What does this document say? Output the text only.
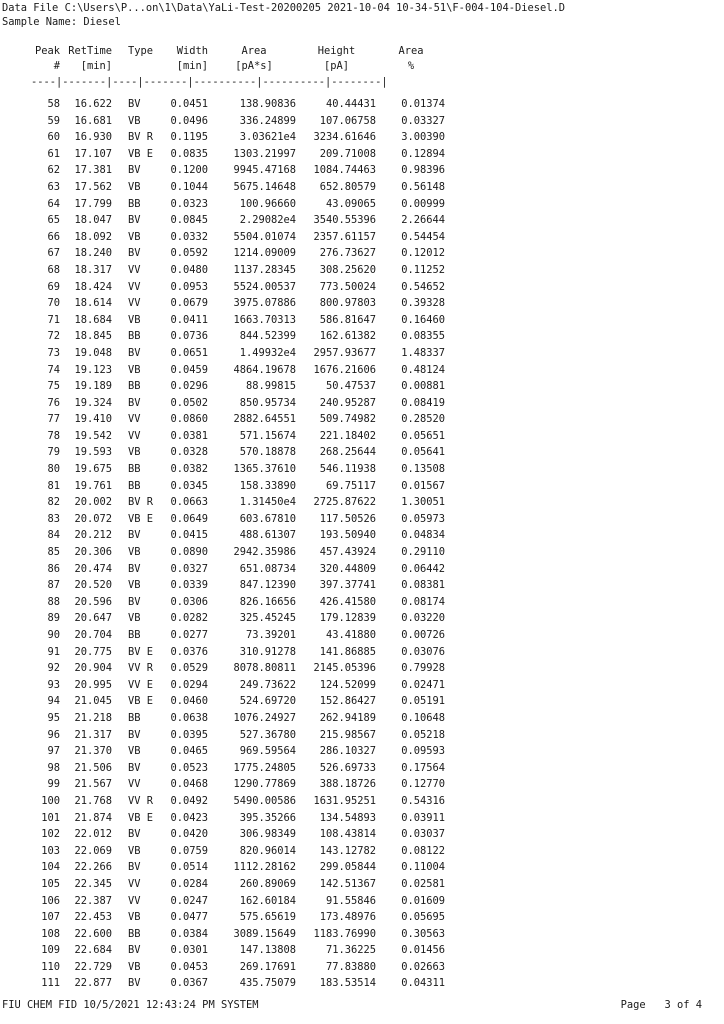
Data File C:\Users\P...on\1\Data\YaLi-Test-20200205 2021-10-04 10-34-51\F-004-104-Diesel.D
Sample Name: Diesel
Peak RetTime Type	Width	Area	Height	Area
#	[min]	[min]	[pA*s]	[pA]	%
----|-------|----|-------|----------|----------|--------|
58	16.622 BV	0.0451	138.90836	40.44431	0.01374
59	16.681 VB	0.0496	336.24899	107.06758	0.03327
60	16.930 BV R	0.1195	3.03621e4	3234.61646	3.00390
61	17.107 VB E	0.0835	1303.21997	209.71008	0.12894
62	17.381 BV	0.1200	9945.47168	1084.74463	0.98396
63	17.562 VB	0.1044	5675.14648	652.80579	0.56148
64	17.799 BB	0.0323	100.96660	43.09065	0.00999
65	18.047 BV	0.0845	2.29082e4	3540.55396	2.26644
66	18.092 VB	0.0332	5504.01074	2357.61157	0.54454
67	18.240 BV	0.0592	1214.09009	276.73627	0.12012
68	18.317 VV	0.0480	1137.28345	308.25620	0.11252
69	18.424 VV	0.0953	5524.00537	773.50024	0.54652
70	18.614 VV	0.0679	3975.07886	800.97803	0.39328
71	18.684 VB	0.0411	1663.70313	586.81647	0.16460
72	18.845 BB	0.0736	844.52399	162.61382	0.08355
73	19.048 BV	0.0651	1.49932e4	2957.93677	1.48337
74	19.123 VB	0.0459	4864.19678	1676.21606	0.48124
75	19.189 BB	0.0296	88.99815	50.47537	0.00881
76	19.324 BV	0.0502	850.95734	240.95287	0.08419
77	19.410 VV	0.0860	2882.64551	509.74982	0.28520
78	19.542 VV	0.0381	571.15674	221.18402	0.05651
79	19.593 VB	0.0328	570.18878	268.25644	0.05641
80	19.675 BB	0.0382	1365.37610	546.11938	0.13508
81	19.761 BB	0.0345	158.33890	69.75117	0.01567
82	20.002 BV R	0.0663	1.31450e4	2725.87622	1.30051
83	20.072 VB E	0.0649	603.67810	117.50526	0.05973
84	20.212 BV	0.0415	488.61307	193.50940	0.04834
85	20.306 VB	0.0890	2942.35986	457.43924	0.29110
86	20.474 BV	0.0327	651.08734	320.44809	0.06442
87	20.520 VB	0.0339	847.12390	397.37741	0.08381
88	20.596 BV	0.0306	826.16656	426.41580	0.08174
89	20.647 VB	0.0282	325.45245	179.12839	0.03220
90	20.704 BB	0.0277	73.39201	43.41880	0.00726
91	20.775 BV E	0.0376	310.91278	141.86885	0.03076
92	20.904 VV R	0.0529	8078.80811	2145.05396	0.79928
93	20.995 VV E	0.0294	249.73622	124.52099	0.02471
94	21.045 VB E	0.0460	524.69720	152.86427	0.05191
95	21.218 BB	0.0638	1076.24927	262.94189	0.10648
96	21.317 BV	0.0395	527.36780	215.98567	0.05218
97	21.370 VB	0.0465	969.59564	286.10327	0.09593
98	21.506 BV	0.0523	1775.24805	526.69733	0.17564
99	21.567 VV	0.0468	1290.77869	388.18726	0.12770
100	21.768 VV R	0.0492	5490.00586	1631.95251	0.54316
101	21.874 VB E	0.0423	395.35266	134.54893	0.03911
102	22.012 BV	0.0420	306.98349	108.43814	0.03037
103	22.069 VB	0.0759	820.96014	143.12782	0.08122
104	22.266 BV	0.0514	1112.28162	299.05844	0.11004
105	22.345 VV	0.0284	260.89069	142.51367	0.02581
106	22.387 VV	0.0247	162.60184	91.55846	0.01609
107	22.453 VB	0.0477	575.65619	173.48976	0.05695
108	22.600 BB	0.0384	3089.15649	1183.76990	0.30563
109	22.684 BV	0.0301	147.13808	71.36225	0.01456
110	22.729 VB	0.0453	269.17691	77.83880	0.02663
111	22.877 BV	0.0367	435.75079	183.53514	0.04311
FIU CHEM FID 10/5/2021 12:43:24 PM SYSTEM	Page 3 of 4
